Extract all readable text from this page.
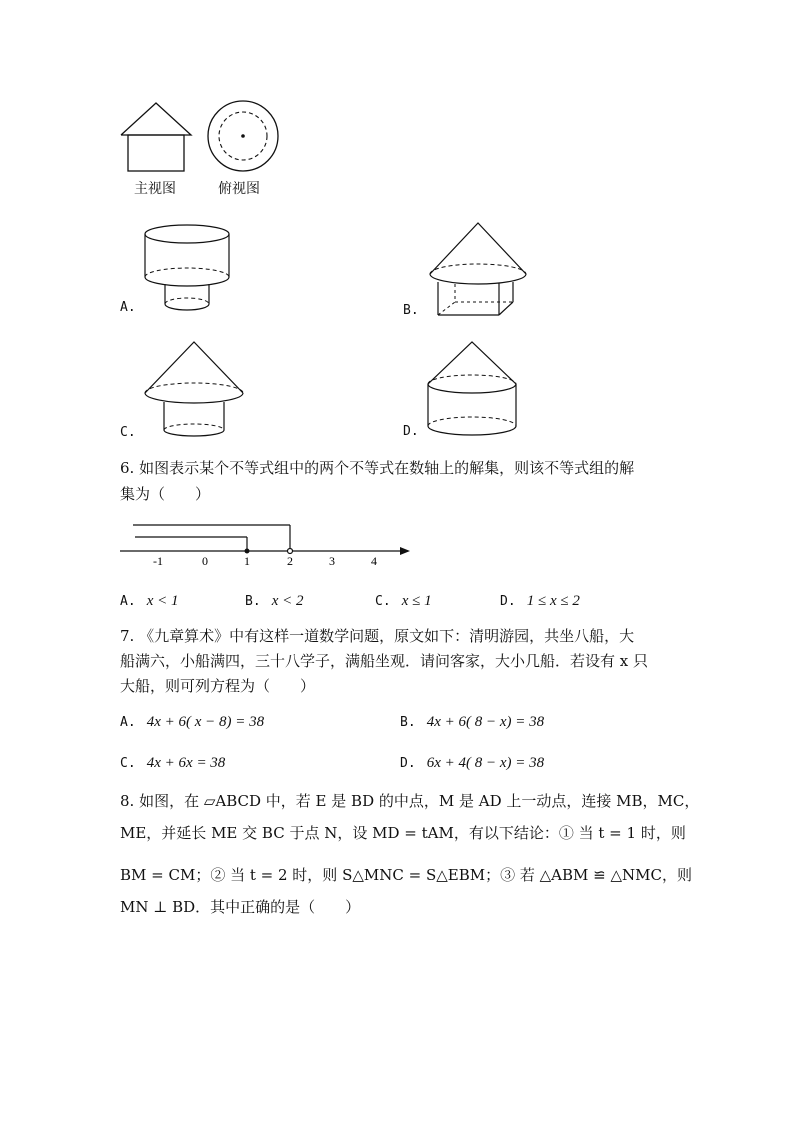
主视图	俯视图
A.	B.
C.	D.
6. 如图表示某个不等式组中的两个不等式在数轴上的解集，则该不等式组的解
集为（　　）
-1	0	1	2	3	4
A. x < 1	B. x < 2	C. x ≤ 1	D. 1 ≤ x ≤ 2
7. 《九章算术》中有这样一道数学问题，原文如下：清明游园，共坐八船，大
船满六，小船满四，三十八学子，满船坐观．请问客家，大小几船．若设有 x 只
大船，则可列方程为（　　）
A. 4x + 6( x − 8) = 38	B. 4x + 6( 8 − x) = 38
C. 4x + 6x = 38	D. 6x + 4( 8 − x) = 38
8. 如图，在 ▱ABCD 中，若 E 是 BD 的中点，M 是 AD 上一动点，连接 MB，MC，
ME，并延长 ME 交 BC 于点 N，设 MD = tAM，有以下结论：① 当 t = 1 时，则
BM = CM；② 当 t = 2 时，则 S△MNC = S△EBM；③ 若 △ABM ≌ △NMC，则
MN ⊥ BD．其中正确的是（　　）
